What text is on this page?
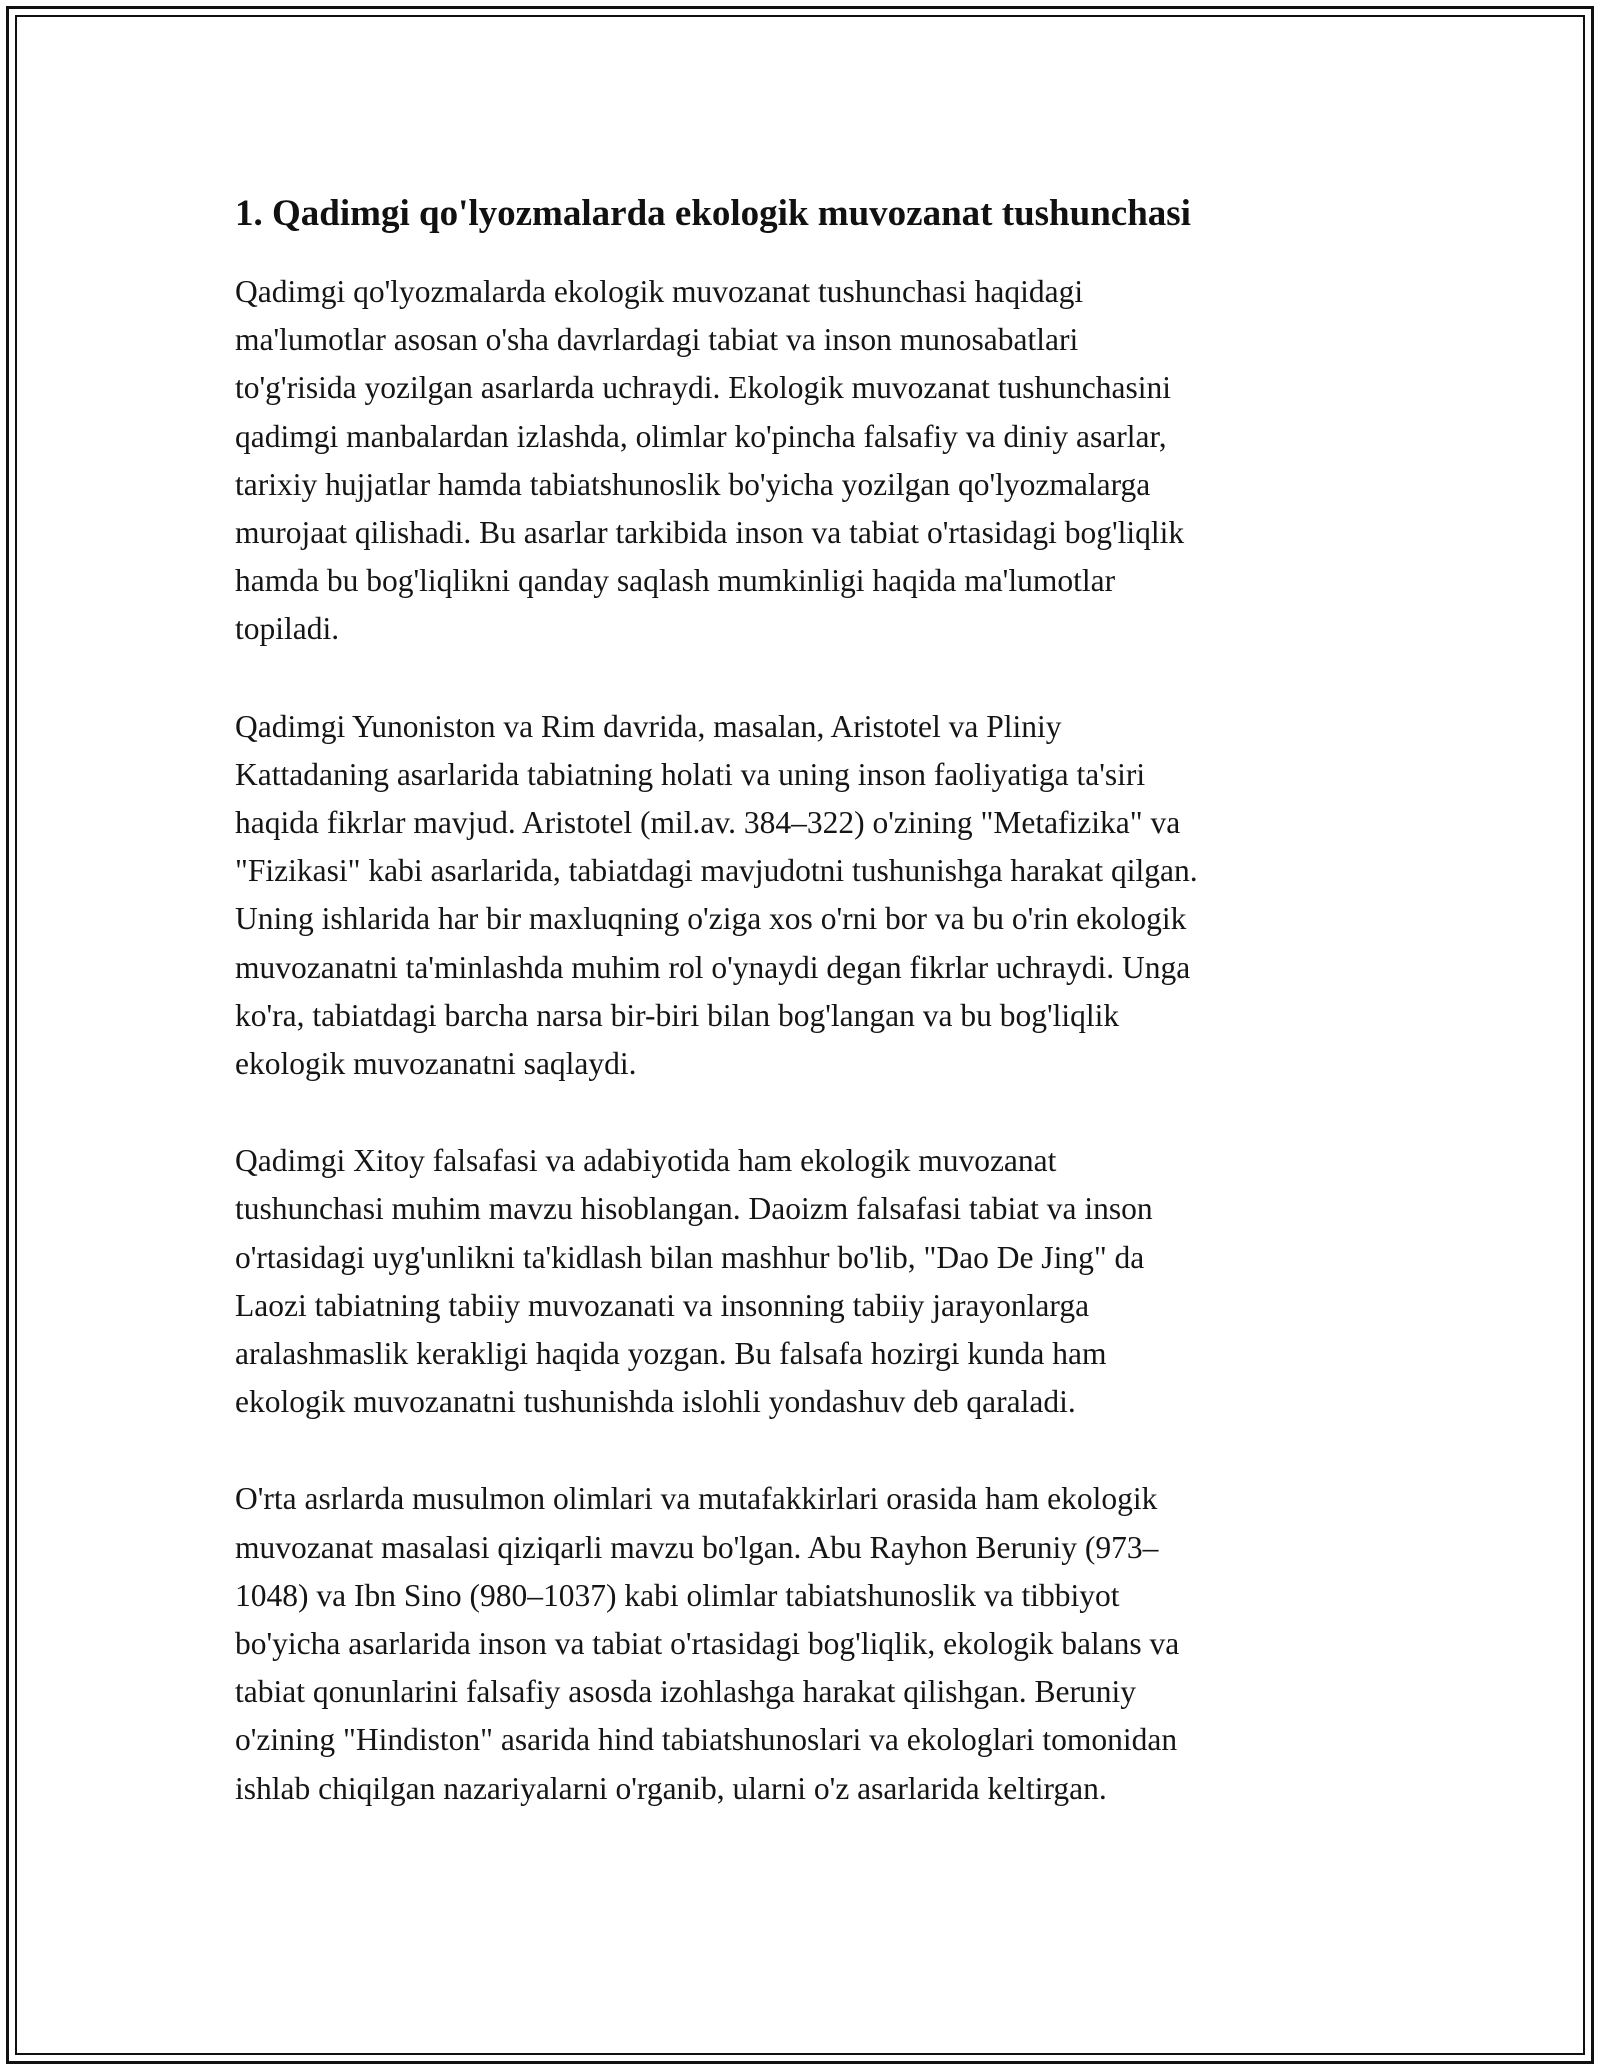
1. Qadimgi qo'lyozmalarda ekologik muvozanat tushunchasi

Qadimgi qo'lyozmalarda ekologik muvozanat tushunchasi haqidagi
ma'lumotlar asosan o'sha davrlardagi tabiat va inson munosabatlari
to'g'risida yozilgan asarlarda uchraydi. Ekologik muvozanat tushunchasini
qadimgi manbalardan izlashda, olimlar ko'pincha falsafiy va diniy asarlar,
tarixiy hujjatlar hamda tabiatshunoslik bo'yicha yozilgan qo'lyozmalarga
murojaat qilishadi. Bu asarlar tarkibida inson va tabiat o'rtasidagi bog'liqlik
hamda bu bog'liqlikni qanday saqlash mumkinligi haqida ma'lumotlar
topiladi.

Qadimgi Yunoniston va Rim davrida, masalan, Aristotel va Pliniy
Kattadaning asarlarida tabiatning holati va uning inson faoliyatiga ta'siri
haqida fikrlar mavjud. Aristotel (mil.av. 384–322) o'zining "Metafizika" va
"Fizikasi" kabi asarlarida, tabiatdagi mavjudotni tushunishga harakat qilgan.
Uning ishlarida har bir maxluqning o'ziga xos o'rni bor va bu o'rin ekologik
muvozanatni ta'minlashda muhim rol o'ynaydi degan fikrlar uchraydi. Unga
ko'ra, tabiatdagi barcha narsa bir-biri bilan bog'langan va bu bog'liqlik
ekologik muvozanatni saqlaydi.

Qadimgi Xitoy falsafasi va adabiyotida ham ekologik muvozanat
tushunchasi muhim mavzu hisoblangan. Daoizm falsafasi tabiat va inson
o'rtasidagi uyg'unlikni ta'kidlash bilan mashhur bo'lib, "Dao De Jing" da
Laozi tabiatning tabiiy muvozanati va insonning tabiiy jarayonlarga
aralashmaslik kerakligi haqida yozgan. Bu falsafa hozirgi kunda ham
ekologik muvozanatni tushunishda islohli yondashuv deb qaraladi.

O'rta asrlarda musulmon olimlari va mutafakkirlari orasida ham ekologik
muvozanat masalasi qiziqarli mavzu bo'lgan. Abu Rayhon Beruniy (973–
1048) va Ibn Sino (980–1037) kabi olimlar tabiatshunoslik va tibbiyot
bo'yicha asarlarida inson va tabiat o'rtasidagi bog'liqlik, ekologik balans va
tabiat qonunlarini falsafiy asosda izohlashga harakat qilishgan. Beruniy
o'zining "Hindiston" asarida hind tabiatshunoslari va ekologlari tomonidan
ishlab chiqilgan nazariyalarni o'rganib, ularni o'z asarlarida keltirgan.
